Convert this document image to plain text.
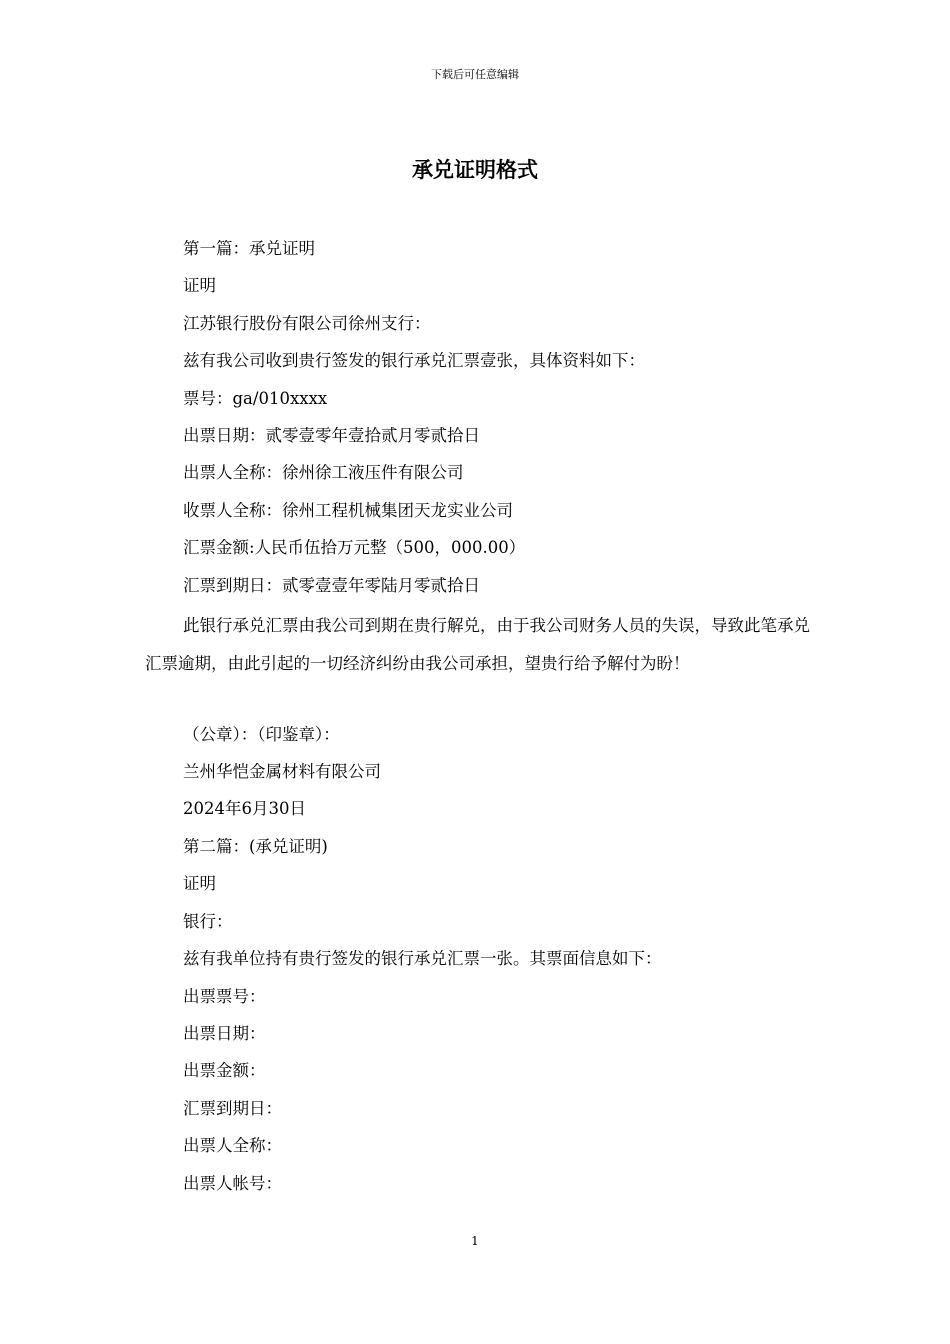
下载后可任意编辑
承兑证明格式
第一篇：承兑证明
证明
江苏银行股份有限公司徐州支行：
兹有我公司收到贵行签发的银行承兑汇票壹张，具体资料如下：
票号：ga/010xxxx
出票日期：贰零壹零年壹拾贰月零贰拾日
出票人全称：徐州徐工液压件有限公司
收票人全称：徐州工程机械集团天龙实业公司
汇票金额:人民币伍拾万元整（500，000.00）
汇票到期日：贰零壹壹年零陆月零贰拾日
此银行承兑汇票由我公司到期在贵行解兑，由于我公司财务人员的失误，导致此笔承兑汇票逾期，由此引起的一切经济纠纷由我公司承担，望贵行给予解付为盼！
（公章）：（印鉴章）：
兰州华恺金属材料有限公司
2024年6月30日
第二篇：(承兑证明)
证明
银行：
兹有我单位持有贵行签发的银行承兑汇票一张。其票面信息如下：
出票票号：
出票日期：
出票金额：
汇票到期日：
出票人全称：
出票人帐号：
1
